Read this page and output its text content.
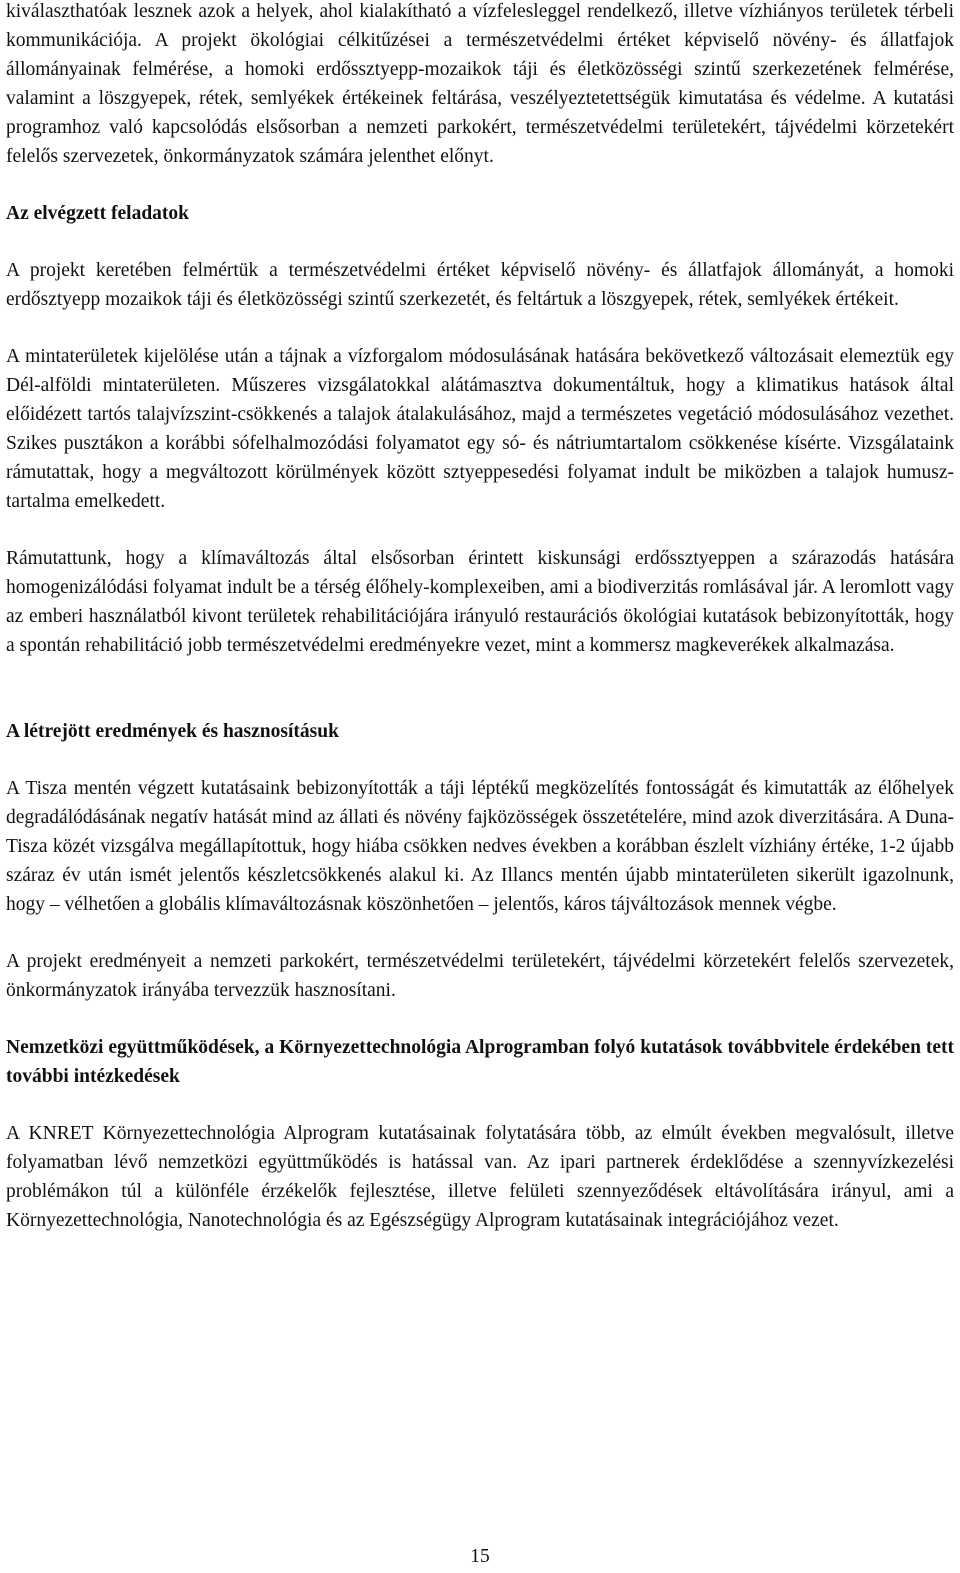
kiválaszthatóak lesznek azok a helyek, ahol kialakítható a vízfelesleggel rendelkező, illetve vízhiányos területek térbeli kommunikációja. A projekt ökológiai célkitűzései a természetvédelmi értéket képviselő növény- és állatfajok állományainak felmérése, a homoki erdőssztyepp-mozaikok táji és életközösségi szintű szerkezetének felmérése, valamint a löszgyepek, rétek, semlyékek értékeinek feltárása, veszélyeztetettségük kimutatása és védelme. A kutatási programhoz való kapcsolódás elsősorban a nemzeti parkokért, természetvédelmi területekért, tájvédelmi körzetekért felelős szervezetek, önkormányzatok számára jelenthet előnyt.

Az elvégzett feladatok

A projekt keretében felmértük a természetvédelmi értéket képviselő növény- és állatfajok állományát, a homoki erdősztyepp mozaikok táji és életközösségi szintű szerkezetét, és feltártuk a löszgyepek, rétek, semlyékek értékeit.

A mintaterületek kijelölése után a tájnak a vízforgalom módosulásának hatására bekövetkező változásait elemeztük egy Dél-alföldi mintaterületen. Műszeres vizsgálatokkal alátámasztva dokumentáltuk, hogy a klimatikus hatások által előidézett tartós talajvízszint-csökkenés a talajok átalakulásához, majd a természetes vegetáció módosulásához vezethet. Szikes pusztákon a korábbi sófelhalmozódási folyamatot egy só- és nátriumtartalom csökkenése kísérte. Vizsgálataink rámutattak, hogy a megváltozott körülmények között sztyeppesedési folyamat indult be miközben a talajok humusz-tartalma emelkedett.

Rámutattunk, hogy a klímaváltozás által elsősorban érintett kiskunsági erdőssztyeppen a szárazodás hatására homogenizálódási folyamat indult be a térség élőhely-komplexeiben, ami a biodiverzitás romlásával jár. A leromlott vagy az emberi használatból kivont területek rehabilitációjára irányuló restaurációs ökológiai kutatások bebizonyították, hogy a spontán rehabilitáció jobb természetvédelmi eredményekre vezet, mint a kommersz magkeverékek alkalmazása.

A létrejött eredmények és hasznosításuk

A Tisza mentén végzett kutatásaink bebizonyították a táji léptékű megközelítés fontosságát és kimutatták az élőhelyek degradálódásának negatív hatását mind az állati és növény fajközösségek összetételére, mind azok diverzitására. A Duna-Tisza közét vizsgálva megállapítottuk, hogy hiába csökken nedves években a korábban észlelt vízhiány értéke, 1-2 újabb száraz év után ismét jelentős készletcsökkenés alakul ki. Az Illancs mentén újabb mintaterületen sikerült igazolnunk, hogy – vélhetően a globális klímaváltozásnak köszönhetően – jelentős, káros tájváltozások mennek végbe.

A projekt eredményeit a nemzeti parkokért, természetvédelmi területekért, tájvédelmi körzetekért felelős szervezetek, önkormányzatok irányába tervezzük hasznosítani.

Nemzetközi együttműködések, a Környezettechnológia Alprogramban folyó kutatások továbbvitele érdekében tett további intézkedések

A KNRET Környezettechnológia Alprogram kutatásainak folytatására több, az elmúlt években megvalósult, illetve folyamatban lévő nemzetközi együttműködés is hatással van. Az ipari partnerek érdeklődése a szennyvízkezelési problémákon túl a különféle érzékelők fejlesztése, illetve felületi szennyeződések eltávolítására irányul, ami a Környezettechnológia, Nanotechnológia és az Egészségügy Alprogram kutatásainak integrációjához vezet.

15
